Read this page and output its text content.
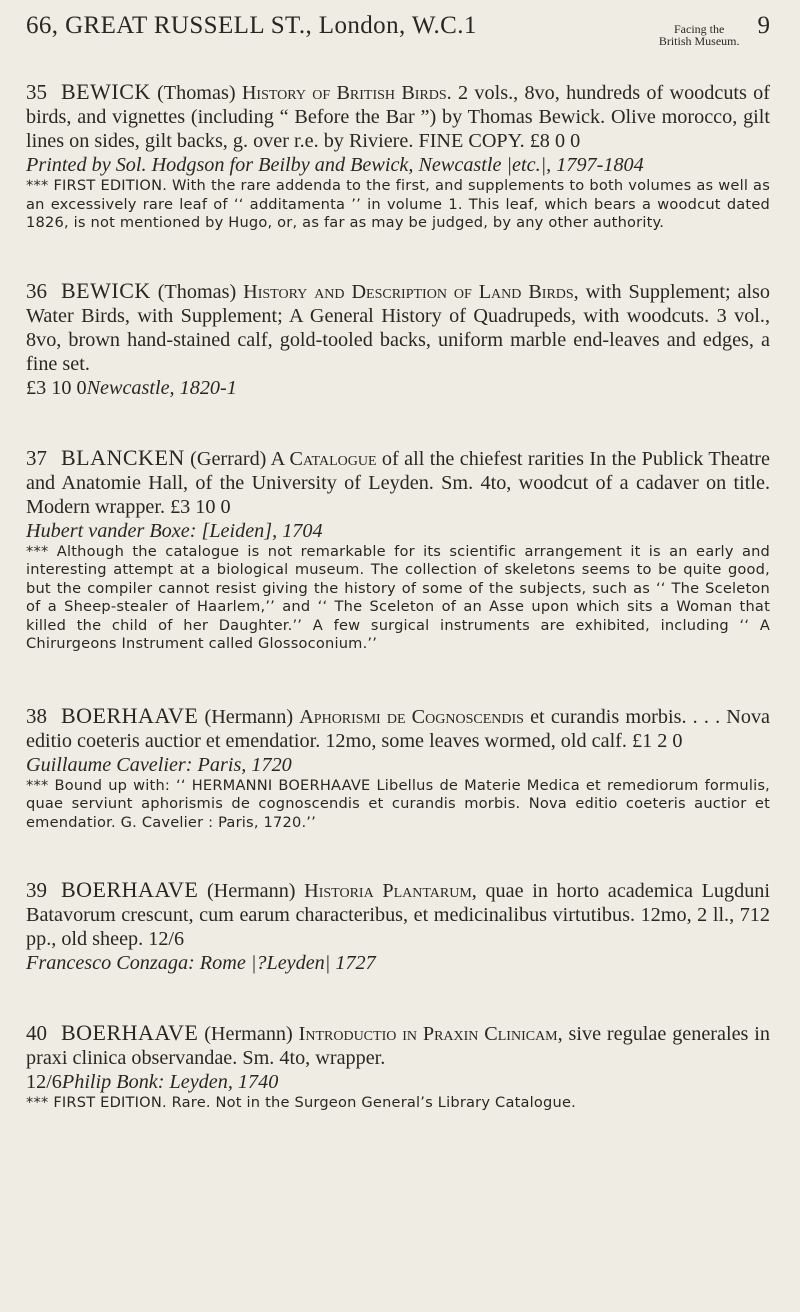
66, GREAT RUSSELL ST., London, W.C.1	Facing the
British Museum.
9

35 BEWICK (Thomas) History of British Birds. 2 vols., 8vo, hundreds of woodcuts of birds, and vignettes (including “ Before the Bar ”) by Thomas Bewick. Olive morocco, gilt lines on sides, gilt backs, g. over r.e. by Riviere. FINE COPY. £8 0 0

Printed by Sol. Hodgson for Beilby and Bewick, Newcastle |etc.|, 1797-1804

*** FIRST EDITION. With the rare addenda to the first, and supplements to both volumes as well as an excessively rare leaf of ‘‘ additamenta ’’ in volume 1. This leaf, which bears a woodcut dated 1826, is not mentioned by Hugo, or, as far as may be judged, by any other authority.

36 BEWICK (Thomas) History and Description of Land Birds, with Supplement; also Water Birds, with Supplement; A General History of Quadrupeds, with woodcuts. 3 vol., 8vo, brown hand-stained calf, gold-tooled backs, uniform marble end-leaves and edges, a fine set.

£3 10 0 Newcastle, 1820-1

37 BLANCKEN (Gerrard) A Catalogue of all the chiefest rarities In the Publick Theatre and Anatomie Hall, of the University of Leyden. Sm. 4to, woodcut of a cadaver on title. Modern wrapper. £3 10 0

Hubert vander Boxe: [Leiden], 1704

*** Although the catalogue is not remarkable for its scientific arrangement it is an early and interesting attempt at a biological museum. The collection of skeletons seems to be quite good, but the compiler cannot resist giving the history of some of the subjects, such as ‘‘ The Sceleton of a Sheep-stealer of Haarlem,’’ and ‘‘ The Sceleton of an Asse upon which sits a Woman that killed the child of her Daughter.’’ A few surgical instruments are exhibited, including ‘‘ A Chirurgeons Instrument called Glossoconium.’’

38 BOERHAAVE (Hermann) Aphorismi de Cognoscendis et curandis morbis. . . . Nova editio coeteris auctior et emendatior. 12mo, some leaves wormed, old calf. £1 2 0

Guillaume Cavelier: Paris, 1720

*** Bound up with: ‘‘ HERMANNI BOERHAAVE Libellus de Materie Medica et remediorum formulis, quae serviunt aphorismis de cognoscendis et curandis morbis. Nova editio coeteris auctior et emendatior. G. Cavelier : Paris, 1720.’’

39 BOERHAAVE (Hermann) Historia Plantarum, quae in horto academica Lugduni Batavorum crescunt, cum earum characteribus, et medicinalibus virtutibus. 12mo, 2 ll., 712 pp., old sheep. 12/6

Francesco Conzaga: Rome |?Leyden| 1727

40 BOERHAAVE (Hermann) Introductio in Praxin Clinicam, sive regulae generales in praxi clinica observandae. Sm. 4to, wrapper.

12/6 Philip Bonk: Leyden, 1740

*** FIRST EDITION. Rare. Not in the Surgeon General’s Library Catalogue.
